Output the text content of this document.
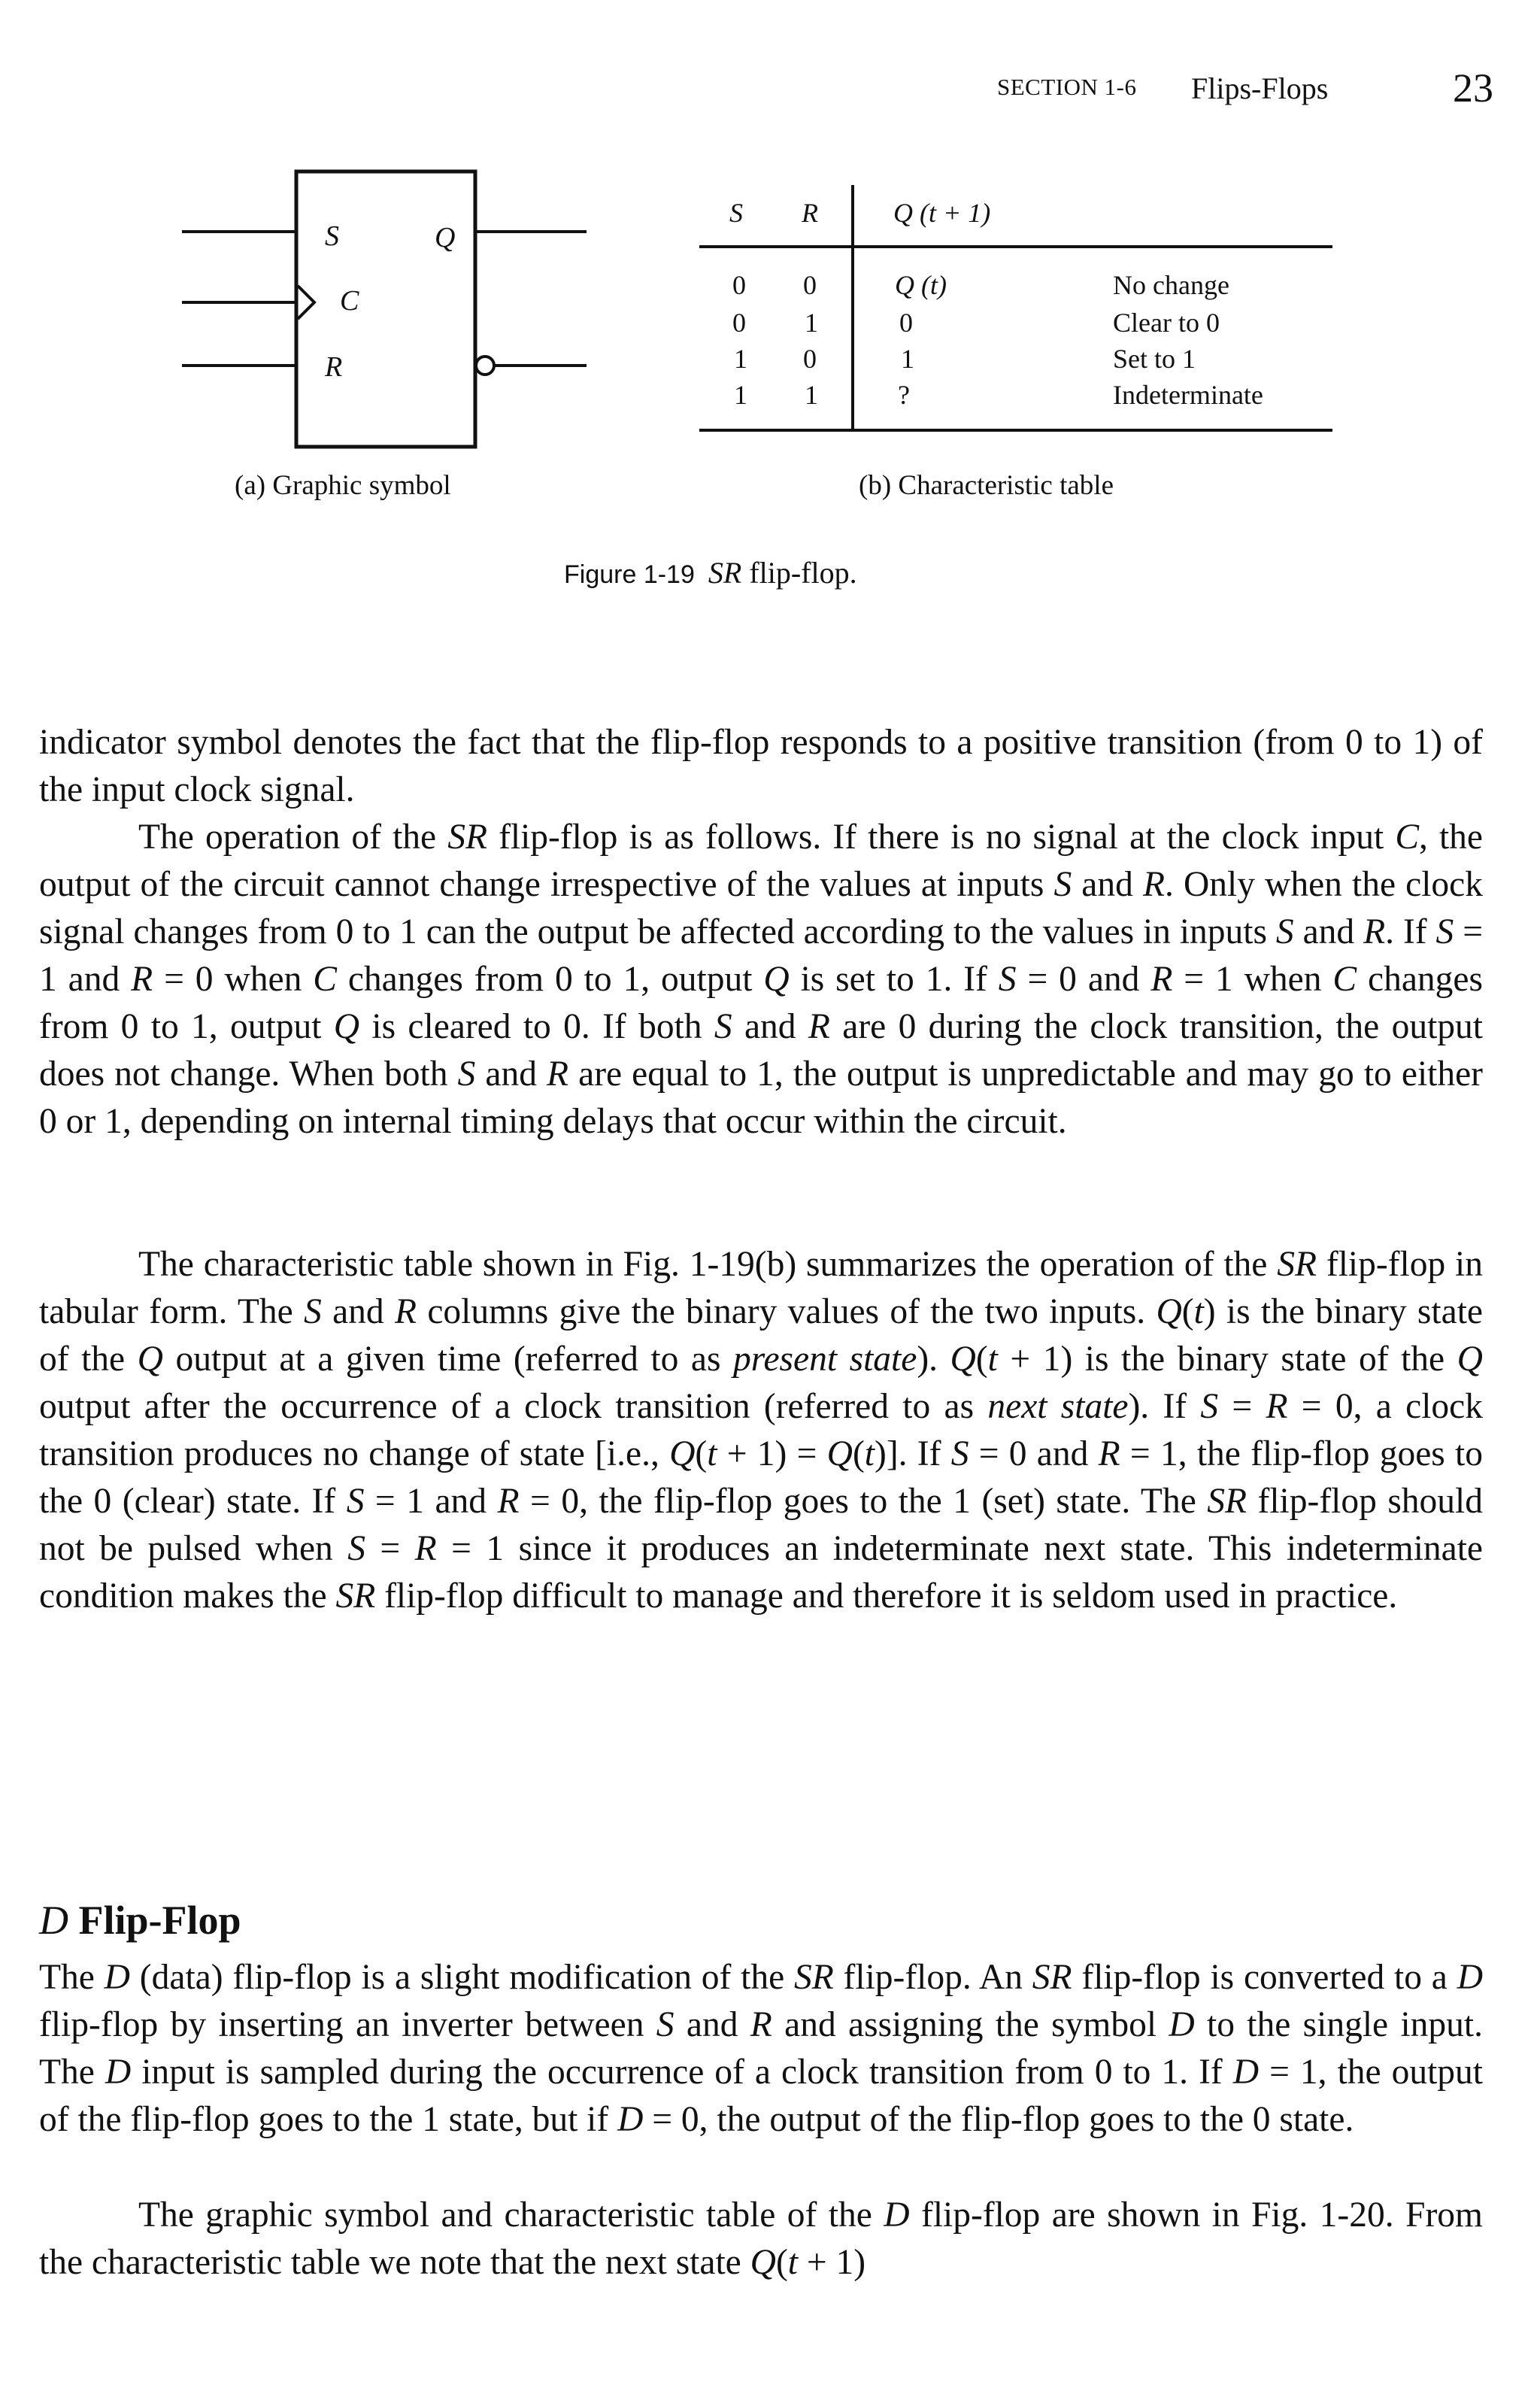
SECTION 1-6 Flips-Flops	23
S
C
R
Q
(a) Graphic symbol
S R	Q (t + 1)
0 0	Q (t)	No change
0 1	0	Clear to 0
1 0	1	Set to 1
1 1	?	Indeterminate
(b) Characteristic table
Figure 1-19 SR flip-flop.
indicator symbol denotes the fact that the flip-flop responds to a positive transition (from 0 to 1) of the input clock signal.
The operation of the SR flip-flop is as follows. If there is no signal at the clock input C, the output of the circuit cannot change irrespective of the values at inputs S and R. Only when the clock signal changes from 0 to 1 can the output be affected according to the values in inputs S and R. If S = 1 and R = 0 when C changes from 0 to 1, output Q is set to 1. If S = 0 and R = 1 when C changes from 0 to 1, output Q is cleared to 0. If both S and R are 0 during the clock transition, the output does not change. When both S and R are equal to 1, the output is unpredictable and may go to either 0 or 1, depending on internal timing delays that occur within the circuit.
The characteristic table shown in Fig. 1-19(b) summarizes the operation of the SR flip-flop in tabular form. The S and R columns give the binary values of the two inputs. Q(t) is the binary state of the Q output at a given time (referred to as present state). Q(t + 1) is the binary state of the Q output after the occurrence of a clock transition (referred to as next state). If S = R = 0, a clock transition produces no change of state [i.e., Q(t + 1) = Q(t)]. If S = 0 and R = 1, the flip-flop goes to the 0 (clear) state. If S = 1 and R = 0, the flip-flop goes to the 1 (set) state. The SR flip-flop should not be pulsed when S = R = 1 since it produces an indeterminate next state. This indeterminate condition makes the SR flip-flop difficult to manage and therefore it is seldom used in practice.
D Flip-Flop
The D (data) flip-flop is a slight modification of the SR flip-flop. An SR flip-flop is converted to a D flip-flop by inserting an inverter between S and R and assigning the symbol D to the single input. The D input is sampled during the occurrence of a clock transition from 0 to 1. If D = 1, the output of the flip-flop goes to the 1 state, but if D = 0, the output of the flip-flop goes to the 0 state.
The graphic symbol and characteristic table of the D flip-flop are shown in Fig. 1-20. From the characteristic table we note that the next state Q(t + 1)
